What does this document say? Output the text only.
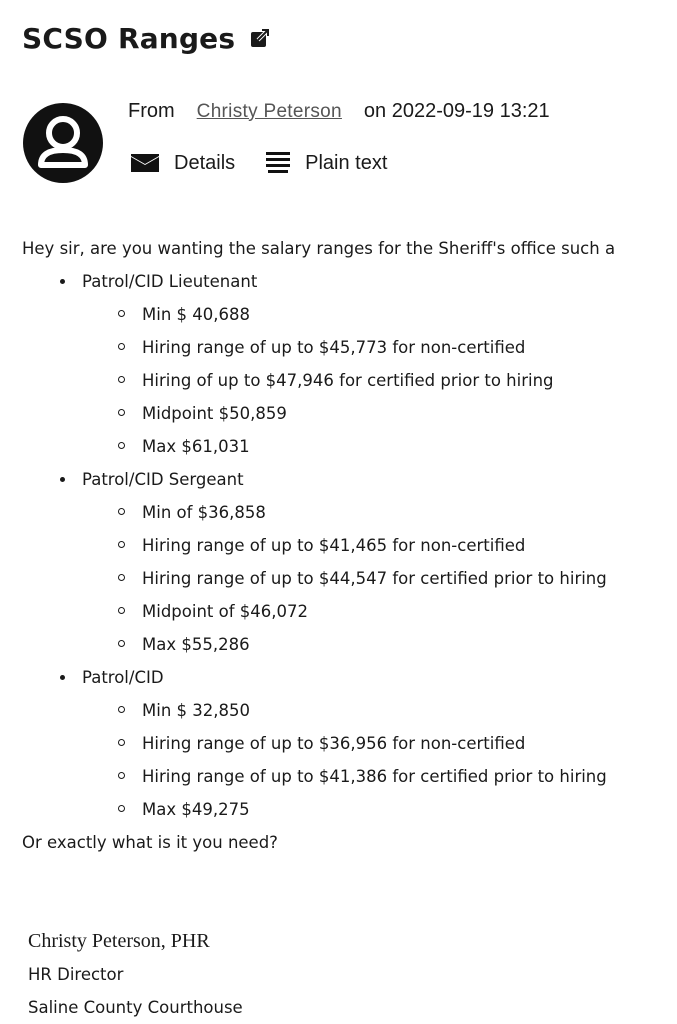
SCSO Ranges
From Christy Peterson on 2022-09-19 13:21
Details	Plain text
Hey sir, are you wanting the salary ranges for the Sheriff's office such a
Patrol/CID Lieutenant
Min $ 40,688
Hiring range of up to $45,773 for non-certified
Hiring of up to $47,946 for certified prior to hiring
Midpoint $50,859
Max $61,031
Patrol/CID Sergeant
Min of $36,858
Hiring range of up to $41,465 for non-certified
Hiring range of up to $44,547 for certified prior to hiring
Midpoint of $46,072
Max $55,286
Patrol/CID
Min $ 32,850
Hiring range of up to $36,956 for non-certified
Hiring range of up to $41,386 for certified prior to hiring
Max $49,275
Or exactly what is it you need?
Christy Peterson, PHR
HR Director
Saline County Courthouse
